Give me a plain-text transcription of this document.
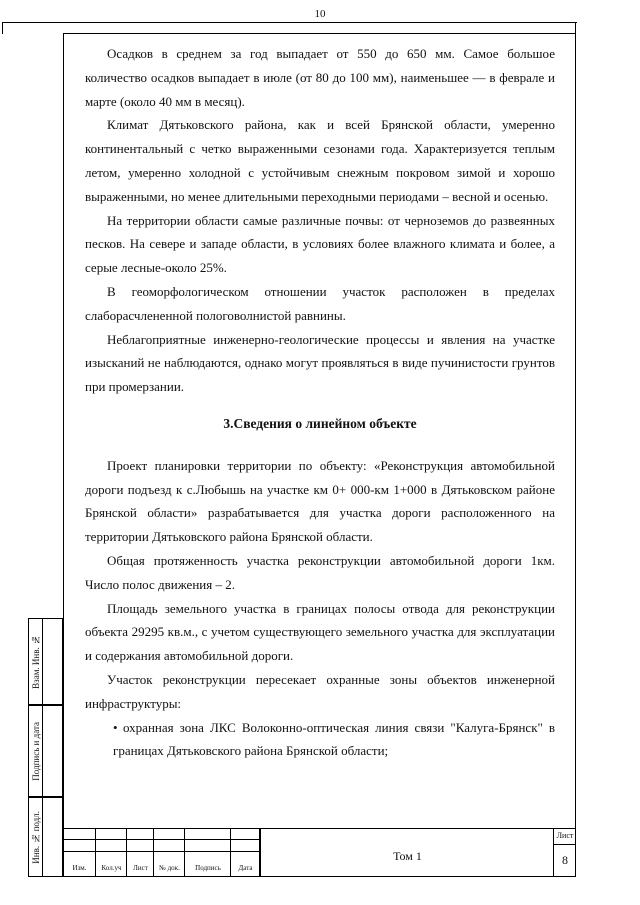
10

Осадков в среднем за год выпадает от 550 до 650 мм. Самое большое количество осадков выпадает в июле (от 80 до 100 мм), наименьшее — в феврале и марте (около 40 мм в месяц).

Климат Дятьковского района, как и всей Брянской области, умеренно континентальный с четко выраженными сезонами года. Характеризуется теплым летом, умеренно холодной с устойчивым снежным покровом зимой и хорошо выраженными, но менее длительными переходными периодами – весной и осенью.

На территории области самые различные почвы: от черноземов до развеянных песков. На севере и западе области, в условиях более влажного климата и более, а серые лесные-около 25%.

В геоморфологическом отношении участок расположен в пределах слаборасчлененной пологоволнистой равнины.

Неблагоприятные инженерно-геологические процессы и явления на участке изысканий не наблюдаются, однако могут проявляться в виде пучинистости грунтов при промерзании.

3.Сведения о линейном объекте

Проект планировки территории по объекту: «Реконструкция автомобильной дороги подъезд к с.Любышь на участке км 0+ 000-км 1+000 в Дятьковском районе Брянской области» разрабатывается для участка дороги расположенного на территории Дятьковского района Брянской области.

Общая протяженность участка реконструкции автомобильной дороги 1км. Число полос движения – 2.

Площадь земельного участка в границах полосы отвода для реконструкции объекта 29295 кв.м., с учетом существующего земельного участка для эксплуатации и содержания автомобильной дороги.

Участок реконструкции пересекает охранные зоны объектов инженерной инфраструктуры:

• охранная зона ЛКС Волоконно-оптическая линия связи "Калуга-Брянск" в границах Дятьковского района Брянской области;

Взам. Инв. №
Подпись и дата
Инв. № подл.
Изм.	Кол.уч	Лист	№ док.	Подпись	Дата
Том 1
Лист
8
